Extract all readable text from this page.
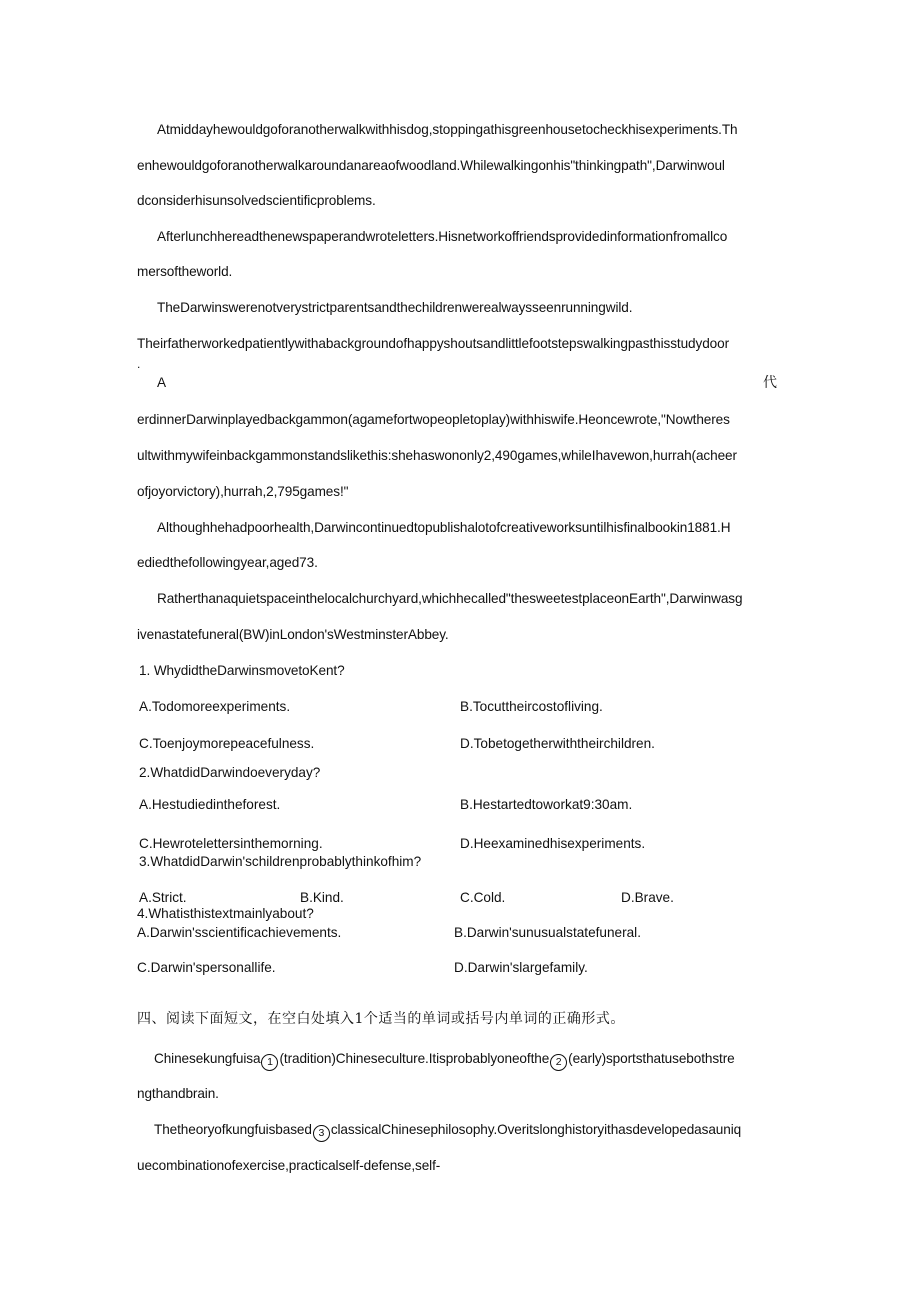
Atmiddayhewouldgoforanotherwalkwithhisdog,stoppingathisgreenhousetocheckhisexperiments.Th
enhewouldgoforanotherwalkaroundanareaofwoodland.Whilewalkingonhis"thinkingpath",Darwinwoul
dconsiderhisunsolvedscientificproblems.
Afterlunchhereadthenewspaperandwroteletters.Hisnetworkoffriendsprovidedinformationfromallco
mersoftheworld.
TheDarwinswerenotverystrictparentsandthechildrenwerealwaysseenrunningwild.
Theirfatherworkedpatientlywithabackgroundofhappyshoutsandlittlefootstepswalkingpasthisstudydoor
.
A	代
erdinnerDarwinplayedbackgammon(agamefortwopeopletoplay)withhiswife.Heoncewrote,"Nowtheres
ultwithmywifeinbackgammonstandslikethis:shehaswononly2,490games,whileIhavewon,hurrah(acheer
ofjoyorvictory),hurrah,2,795games!"
Althoughhehadpoorhealth,Darwincontinuedtopublishalotofcreativeworksuntilhisfinalbookin1881.H
ediedthefollowingyear,aged73.
Ratherthanaquietspaceinthelocalchurchyard,whichhecalled"thesweetestplaceonEarth",Darwinwasg
ivenastatefuneral(BW)inLondon'sWestminsterAbbey.
1. WhydidtheDarwinsmovetoKent?
A.Todomoreexperiments.	B.Tocuttheircostofliving.
C.Toenjoymorepeacefulness.	D.Tobetogetherwiththeirchildren.
2.WhatdidDarwindoeveryday?
A.Hestudiedintheforest.	B.Hestartedtoworkat9:30am.
C.Hewrotelettersinthemorning.	D.Heexaminedhisexperiments.
3.WhatdidDarwin'schildrenprobablythinkofhim?
A.Strict.	B.Kind.	C.Cold.	D.Brave.
4.Whatisthistextmainlyabout?
A.Darwin'sscientificachievements.	B.Darwin'sunusualstatefuneral.
C.Darwin'spersonallife.	D.Darwin'slargefamily.
四、阅读下面短文，在空白处填入1个适当的单词或括号内单词的正确形式。
Chinesekungfuisa 1 (tradition)Chineseculture.Itisprobablyoneofthe 2 (early)sportsthatusebothstre
ngthandbrain.
Thetheoryofkungfuisbased 3 classicalChinesephilosophy.Overitslonghistoryithasdevelopedasauniq
uecombinationofexercise,practicalself-defense,self-
